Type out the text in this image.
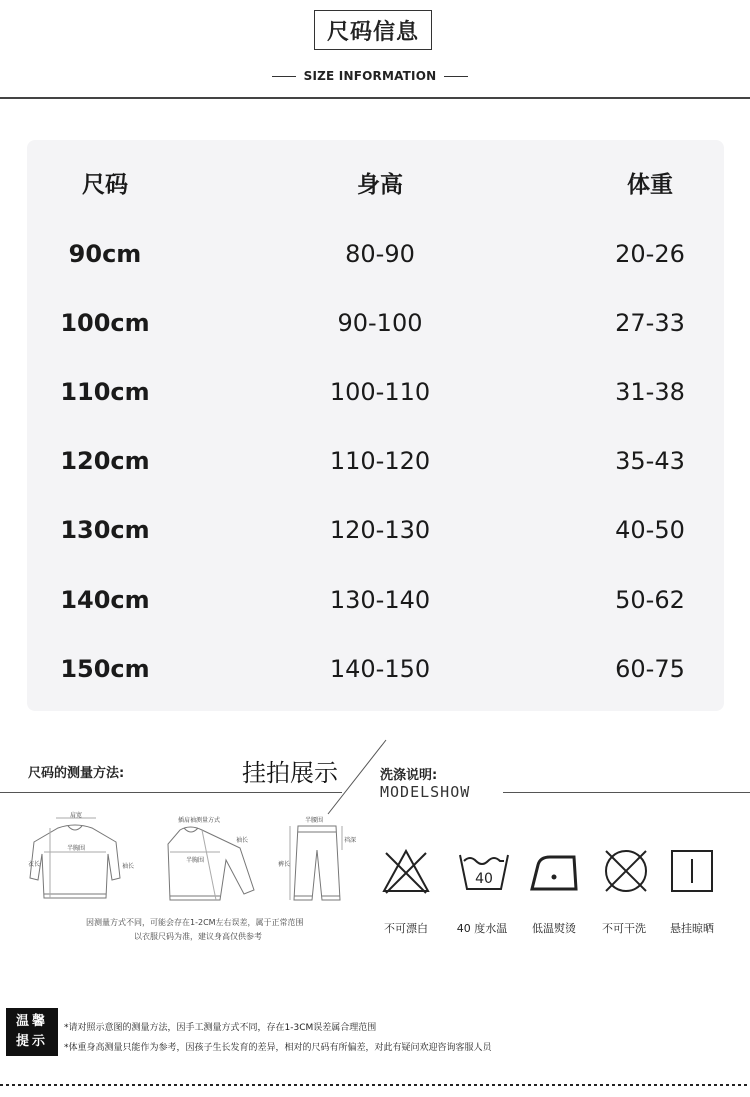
尺码信息
SIZE INFORMATION
尺码	身高	体重
90cm	80-90	20-26
100cm	90-100	27-33
110cm	100-110	31-38
120cm	110-120	35-43
130cm	120-130	40-50
140cm	130-140	50-62
150cm	140-150	60-75
尺码的测量方法:	挂拍展示	洗涤说明:
MODELSHOW
肩宽
半胸围
衣长	袖长
插肩袖测量方式
半胸围
袖长
半腰围
裆深
裤长
因测量方式不同，可能会存在1-2CM左右误差，属于正常范围
以衣服尺码为准，建议身高仅供参考
40
不可漂白	40 度水温	低温熨烫	不可干洗	悬挂晾晒
温馨
提示
*请对照示意图的测量方法，因手工测量方式不同，存在1-3CM误差属合理范围
*体重身高测量只能作为参考，因孩子生长发育的差异，相对的尺码有所偏差，对此有疑问欢迎咨询客服人员
